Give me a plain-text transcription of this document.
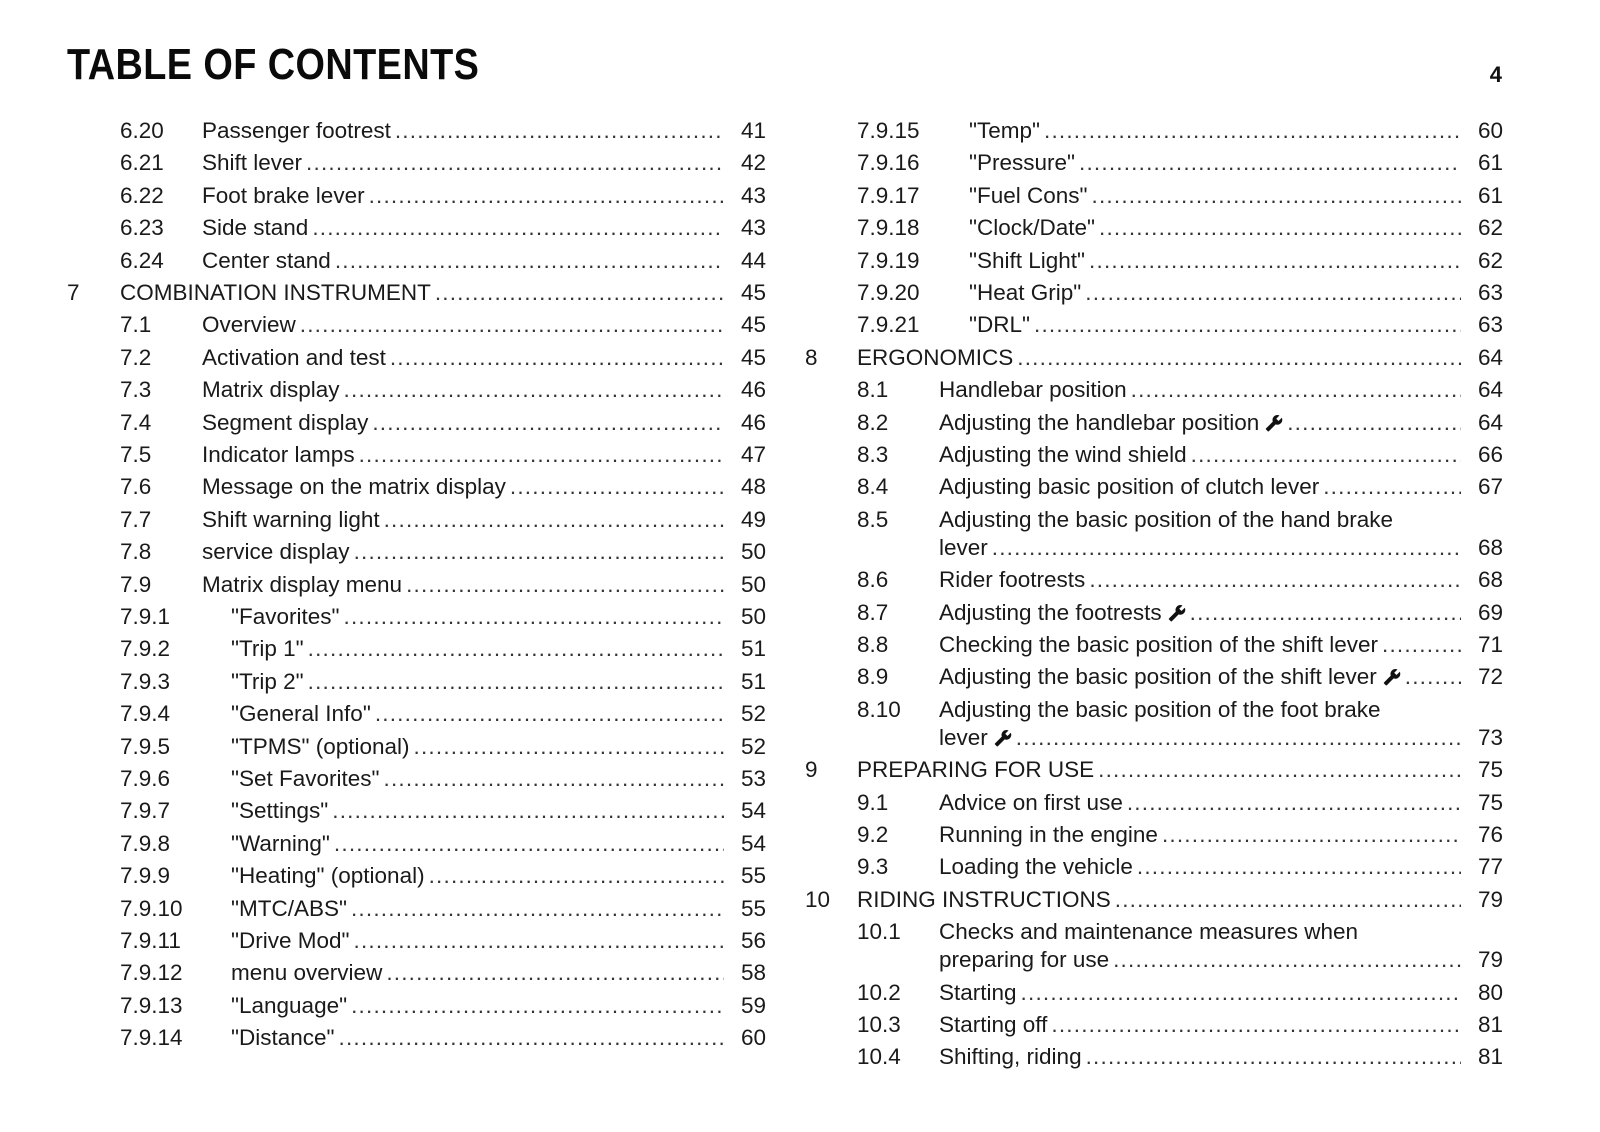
TABLE OF CONTENTS	4
6.20 Passenger footrest .....	41
6.21 Shift lever .....	42
6.22 Foot brake lever .....	43
6.23 Side stand .....	43
6.24 Center stand .....	44
7 COMBINATION INSTRUMENT .....	45
7.1 Overview .....	45
7.2 Activation and test .....	45
7.3 Matrix display .....	46
7.4 Segment display .....	46
7.5 Indicator lamps .....	47
7.6 Message on the matrix display .....	48
7.7 Shift warning light .....	49
7.8 service display .....	50
7.9 Matrix display menu .....	50
7.9.1	"Favorites" .....	50
7.9.2	"Trip 1" .....	51
7.9.3	"Trip 2" .....	51
7.9.4	"General Info" .....	52
7.9.5	"TPMS" (optional) .....	52
7.9.6	"Set Favorites" .....	53
7.9.7	"Settings" .....	54
7.9.8	"Warning" .....	54
7.9.9	"Heating" (optional) .....	55
7.9.10 "MTC/ABS" .....	55
7.9.11 "Drive Mod" .....	56
7.9.12 menu overview .....	58
7.9.13 "Language" .....	59
7.9.14 "Distance" .....	60
7.9.15 "Temp" .....	60
7.9.16 "Pressure" .....	61
7.9.17 "Fuel Cons" .....	61
7.9.18 "Clock/Date" .....	62
7.9.19 "Shift Light" .....	62
7.9.20 "Heat Grip" .....	63
7.9.21 "DRL" .....	63
8 ERGONOMICS .....	64
8.1 Handlebar position .....	64
8.2 Adjusting the handlebar position .....	64
8.3 Adjusting the wind shield .....	66
8.4 Adjusting basic position of clutch lever .....	67
8.5 Adjusting the basic position of the hand brake
lever .....	68
8.6 Rider footrests .....	68
8.7 Adjusting the footrests .....	69
8.8 Checking the basic position of the shift lever .....	71
8.9 Adjusting the basic position of the shift lever .....	72
8.10 Adjusting the basic position of the foot brake
lever .....	73
9 PREPARING FOR USE .....	75
9.1 Advice on first use .....	75
9.2 Running in the engine .....	76
9.3 Loading the vehicle .....	77
10 RIDING INSTRUCTIONS .....	79
10.1 Checks and maintenance measures when
preparing for use .....	79
10.2 Starting .....	80
10.3 Starting off .....	81
10.4 Shifting, riding .....	81
